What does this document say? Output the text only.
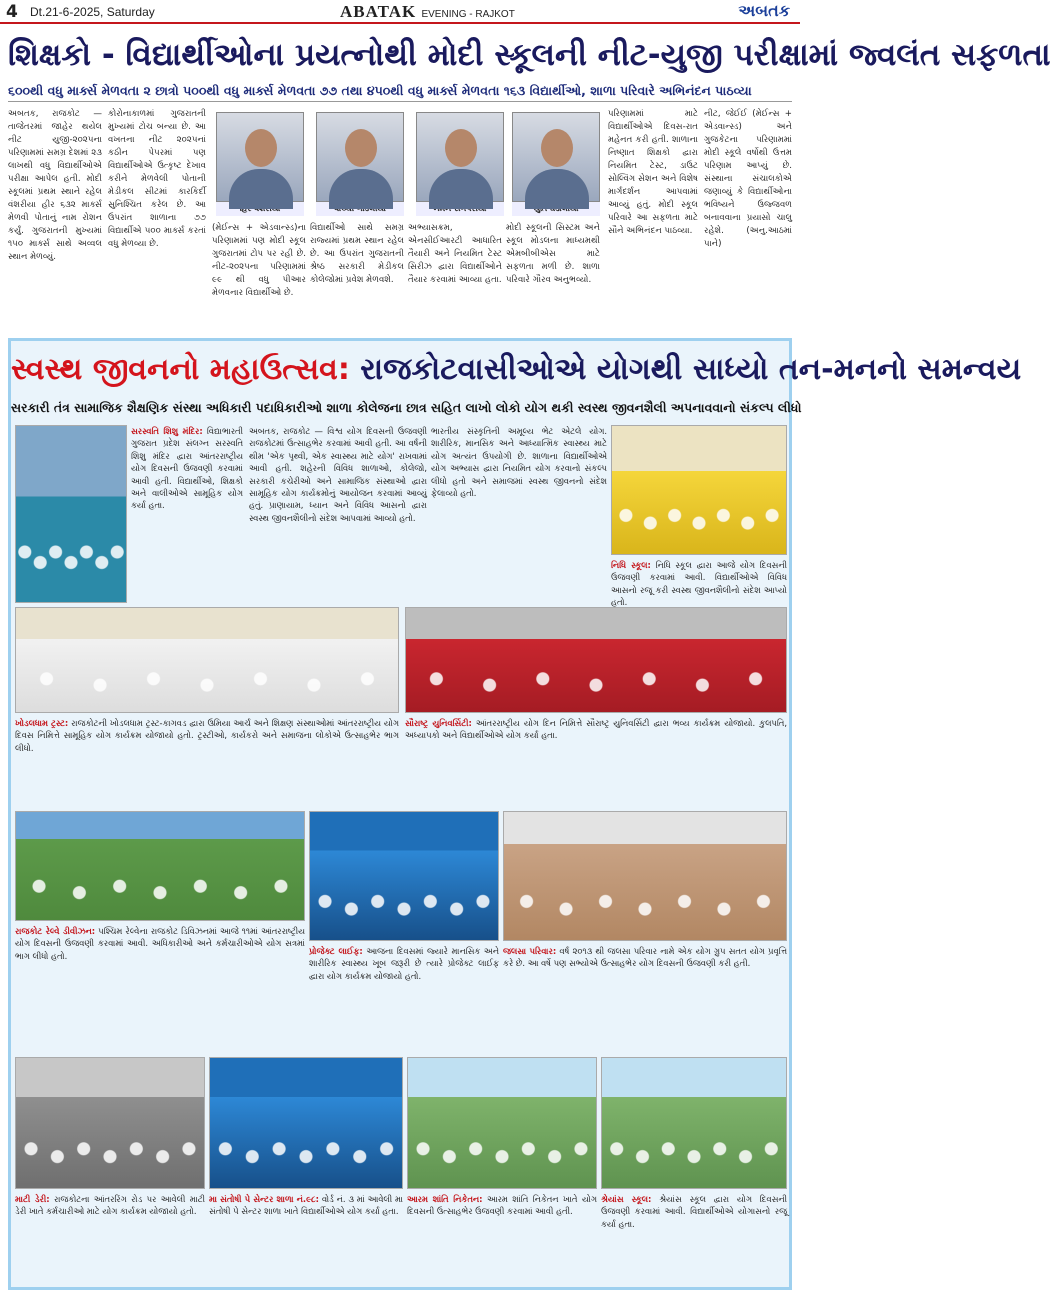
4 Dt.21-6-2025, Saturday	ABATAK EVENING - RAJKOT	અબતક
શિક્ષકો - વિદ્યાર્થીઓના પ્રયત્નોથી મોદી સ્કૂલની નીટ-યુજી પરીક્ષામાં જ્વલંત સફળતા
૬૦૦થી વધુ માર્ક્સ મેળવતા ૨ છાત્રો ૫૦૦થી વધુ માર્ક્સ મેળવતા ૭૭ તથા ૪૫૦થી વધુ માર્ક્સ મેળવતા ૧૬૩ વિદ્યાર્થીઓ, શાળા પરિવારે અભિનંદન પાઠવ્યા
અબતક, રાજકોટ — તાજેતરમાં જાહેર થયેલ નીટ યુજી-૨૦૨૫ના પરિણામમાં સમગ્ર દેશમાં ૨૩ લાખથી વધુ વિદ્યાર્થીઓએ પરીક્ષા આપેલ હતી. મોદી સ્કૂલમાં પ્રથમ સ્થાને રહેલ વંશરીયા હીર ૬૩૨ માર્ક્સ મેળવી પોતાનું નામ રોશન કર્યું. ગુજરાતની મુખ્યમાં ૧૫૦ માર્ક્સ સાથે અવ્વલ સ્થાન મેળવ્યું.
કોરોનાકાળમાં ગુજરાતની મુખ્યમાં ટોચ બન્યા છે. આ વખતના નીટ ૨૦૨૫નાં કઠીન પેપરમાં પણ વિદ્યાર્થીઓએ ઉત્કૃષ્ટ દેખાવ કરીને મેળવેલી પોતાની મેડીકલ સીટમાં કારકિર્દી સુનિશ્ચિત કરેલ છે. આ ઉપરાંત શાળાના ૭૭ વિદ્યાર્થીએ ૫૦૦ માર્ક્સ કરતાં વધુ મેળવ્યા છે.
(મેઈન્સ + એડવાન્સ્ડ)ના પરિણામમાં પણ મોદી સ્કૂલ ગુજરાતમાં ટોપ પર રહી છે. નીટ-૨૦૨૫ના પરિણામમાં ૯૯ થી વધુ પીઆર મેળવનાર વિદ્યાર્થીઓ છે.
વિદ્યાર્થીઓ સાથે સમગ્ર રાજ્યમાં પ્રથમ સ્થાન રહેલ છે. આ ઉપરાંત ગુજરાતની શ્રેષ્ઠ સરકારી મેડીકલ કોલેજોમાં પ્રવેશ મેળવશે.
અભ્યાસક્રમ, એનસીઈઆરટી આધારિત તૈયારી અને નિયમિત ટેસ્ટ સિરીઝ દ્વારા વિદ્યાર્થીઓને તૈયાર કરવામાં આવ્યા હતા.
મોદી સ્કૂલની સિસ્ટમ અને સ્કૂલ મોડલના માધ્યમથી એમબીબીએસ માટે સફળતા મળી છે. શાળા પરિવારે ગૌરવ અનુભવ્યો.
પરિણામમાં માટે વિદ્યાર્થીઓએ દિવસ-રાત મહેનત કરી હતી. શાળાના નિષ્ણાત શિક્ષકો દ્વારા નિયમિત ટેસ્ટ, ડાઉટ સોલ્વિંગ સેશન અને વિશેષ માર્ગદર્શન આપવામાં આવ્યું હતું. મોદી સ્કૂલ પરિવારે આ સફળતા માટે સૌને અભિનંદન પાઠવ્યા.
નીટ, જેઈઈ (મેઈન્સ + એડવાન્સ્ડ) અને ગુજકેટના પરિણામમાં મોદી સ્કૂલે વર્ષોથી ઉત્તમ પરિણામ આપ્યું છે. સંસ્થાના સંચાલકોએ જણાવ્યું કે વિદ્યાર્થીઓના ભવિષ્યને ઉજ્જવળ બનાવવાના પ્રયાસો ચાલુ રહેશે. (અનુ.આઠમાં પાને)
સ્વસ્થ જીવનનો મહાઉત્સવ: રાજકોટવાસીઓએ યોગથી સાધ્યો તન-મનનો સમન્વય
સરકારી તંત્ર સામાજિક શૈક્ષણિક સંસ્થા અધિકારી પદાધિકારીઓ શાળા કોલેજના છાત્ર સહિત લાખો લોકો યોગ થકી સ્વસ્થ જીવનશૈલી અપનાવવાનો સંકલ્પ લીધો
સરસ્વતિ શિશુ મંદિર: વિદ્યાભારતી ગુજરાત પ્રદેશ સંલગ્ન સરસ્વતિ શિશુ મંદિર દ્વારા આંતરરાષ્ટ્રીય યોગ દિવસની ઉજવણી કરવામાં આવી હતી. વિદ્યાર્થીઓ, શિક્ષકો અને વાલીઓએ સામૂહિક યોગ કર્યા હતા.
અબતક, રાજકોટ — વિશ્વ યોગ દિવસની ઉજવણી રાજકોટમાં ઉત્સાહભેર કરવામાં આવી હતી. આ વર્ષની થીમ 'એક પૃથ્વી, એક સ્વાસ્થ્ય માટે યોગ' રાખવામાં આવી હતી. શહેરની વિવિધ શાળાઓ, કોલેજો, સરકારી કચેરીઓ અને સામાજિક સંસ્થાઓ દ્વારા સામૂહિક યોગ કાર્યક્રમોનું આયોજન કરવામાં આવ્યું હતું. પ્રાણાયામ, ધ્યાન અને વિવિધ આસનો દ્વારા સ્વસ્થ જીવનશૈલીનો સંદેશ આપવામાં આવ્યો હતો.
ભારતીય સંસ્કૃતિની અમૂલ્ય ભેટ એટલે યોગ. શારીરિક, માનસિક અને આધ્યાત્મિક સ્વાસ્થ્ય માટે યોગ અત્યંત ઉપયોગી છે. શાળાના વિદ્યાર્થીઓએ યોગ અભ્યાસ દ્વારા નિયમિત યોગ કરવાનો સંકલ્પ લીધો હતો અને સમાજમાં સ્વસ્થ જીવનનો સંદેશ ફેલાવ્યો હતો.
નિધિ સ્કૂલ: નિધિ સ્કૂલ દ્વારા આજે યોગ દિવસની ઉજવણી કરવામાં આવી. વિદ્યાર્થીઓએ વિવિધ આસનો રજૂ કરી સ્વસ્થ જીવનશૈલીનો સંદેશ આપ્યો હતો.
ખોડલધામ ટ્રસ્ટ: રાજકોટની ખોડલધામ ટ્રસ્ટ-કાગવડ દ્વારા ઉમિયા આર્ચ અને શિક્ષણ સંસ્થાઓમાં આંતરરાષ્ટ્રીય યોગ દિવસ નિમિત્તે સામૂહિક યોગ કાર્યક્રમ યોજાયો હતો. ટ્રસ્ટીઓ, કાર્યકરો અને સમાજના લોકોએ ઉત્સાહભેર ભાગ લીધો.
સૌરાષ્ટ્ર યુનિવર્સિટી: આંતરરાષ્ટ્રીય યોગ દિન નિમિત્તે સૌરાષ્ટ્ર યુનિવર્સિટી દ્વારા ભવ્ય કાર્યક્રમ યોજાયો. કુલપતિ, અધ્યાપકો અને વિદ્યાર્થીઓએ યોગ કર્યા હતા.
રાજકોટ રેલ્વે ડીવીઝન: પશ્ચિમ રેલ્વેના રાજકોટ ડિવિઝનમાં આજે ૧૧માં આંતરરાષ્ટ્રીય યોગ દિવસની ઉજવણી કરવામાં આવી. અધિકારીઓ અને કર્મચારીઓએ યોગ સત્રમાં ભાગ લીધો હતો.	પ્રોજેક્ટ લાઈફ: આજના દિવસમાં જ્યારે માનસિક અને શારીરિક સ્વાસ્થ્ય ખૂબ જરૂરી છે ત્યારે પ્રોજેક્ટ લાઈફ દ્વારા યોગ કાર્યક્રમ યોજાયો હતો.
જલસા પરિવાર: વર્ષ ૨૦૧૩ થી જલસા પરિવાર નામે એક યોગ ગ્રુપ સતત યોગ પ્રવૃત્તિ કરે છે. આ વર્ષે પણ સભ્યોએ ઉત્સાહભેર યોગ દિવસની ઉજવણી કરી હતી.
માટી ડેરી: રાજકોટના આંતરરિંગ રોડ પર આવેલી માટી ડેરી ખાતે કર્મચારીઓ માટે યોગ કાર્યક્રમ યોજાયો હતો.
મા સંતોષી પે સેન્ટર શાળા નં.૯૮: વોર્ડ નં. ૩ માં આવેલી મા સંતોષી પે સેન્ટર શાળા ખાતે વિદ્યાર્થીઓએ યોગ કર્યા હતા.
આરમ શાંતિ નિકેતન: આરમ શાંતિ નિકેતન ખાતે યોગ દિવસની ઉત્સાહભેર ઉજવણી કરવામાં આવી હતી.
શ્રેયાંસ સ્કૂલ: શ્રેયાંસ સ્કૂલ દ્વારા યોગ દિવસની ઉજવણી કરવામાં આવી. વિદ્યાર્થીઓએ યોગાસનો રજૂ કર્યા હતા.
